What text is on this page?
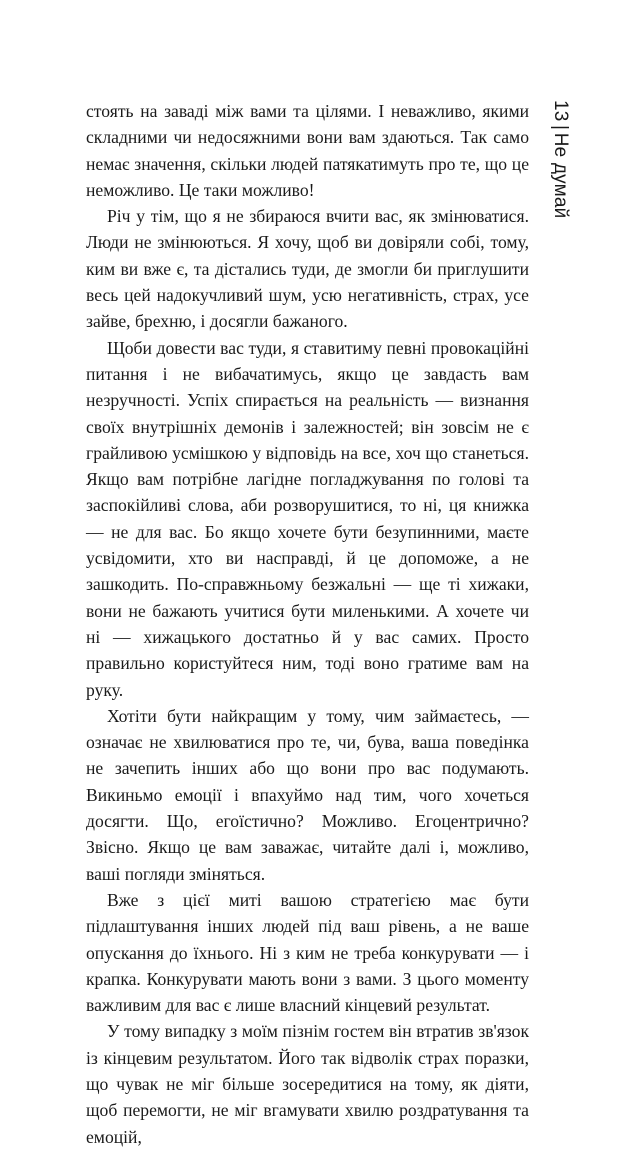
стоять на заваді між вами та цілями. І неважливо, якими складними чи недосяжними вони вам здаються. Так само немає значення, скільки людей патякатимуть про те, що це неможливо. Це таки можливо!

Річ у тім, що я не збираюся вчити вас, як змінюватися. Люди не змінюються. Я хочу, щоб ви довіряли собі, тому, ким ви вже є, та дістались туди, де змогли би приглушити весь цей надокучливий шум, усю негативність, страх, усе зайве, брехню, і досягли бажаного.

Щоби довести вас туди, я ставитиму певні провокаційні питання і не вибачатимусь, якщо це завдасть вам незручності. Успіх спирається на реальність — визнання своїх внутрішніх демонів і залежностей; він зовсім не є грайливою усмішкою у відповідь на все, хоч що станеться. Якщо вам потрібне лагідне погладжування по голові та заспокійливі слова, аби розворушитися, то ні, ця книжка — не для вас. Бо якщо хочете бути безупинними, маєте усвідомити, хто ви насправді, й це допоможе, а не зашкодить. По-справжньому безжальні — ще ті хижаки, вони не бажають учитися бути миленькими. А хочете чи ні — хижацького достатньо й у вас самих. Просто правильно користуйтеся ним, тоді воно гратиме вам на руку.

Хотіти бути найкращим у тому, чим займаєтесь, — означає не хвилюватися про те, чи, бува, ваша поведінка не зачепить інших або що вони про вас подумають. Викиньмо емоції і впахуймо над тим, чого хочеться досягти. Що, егоїстично? Можливо. Егоцентрично? Звісно. Якщо це вам заважає, читайте далі і, можливо, ваші погляди зміняться.

Вже з цієї миті вашою стратегією має бути підлаштування інших людей під ваш рівень, а не ваше опускання до їхнього. Ні з ким не треба конкурувати — і крапка. Конкурувати мають вони з вами. З цього моменту важливим для вас є лише власний кінцевий результат.

У тому випадку з моїм пізнім гостем він втратив зв'язок із кінцевим результатом. Його так відволік страх поразки, що чувак не міг більше зосередитися на тому, як діяти, щоб перемогти, не міг вгамувати хвилю роздратування та емоцій,

13|Не думай
